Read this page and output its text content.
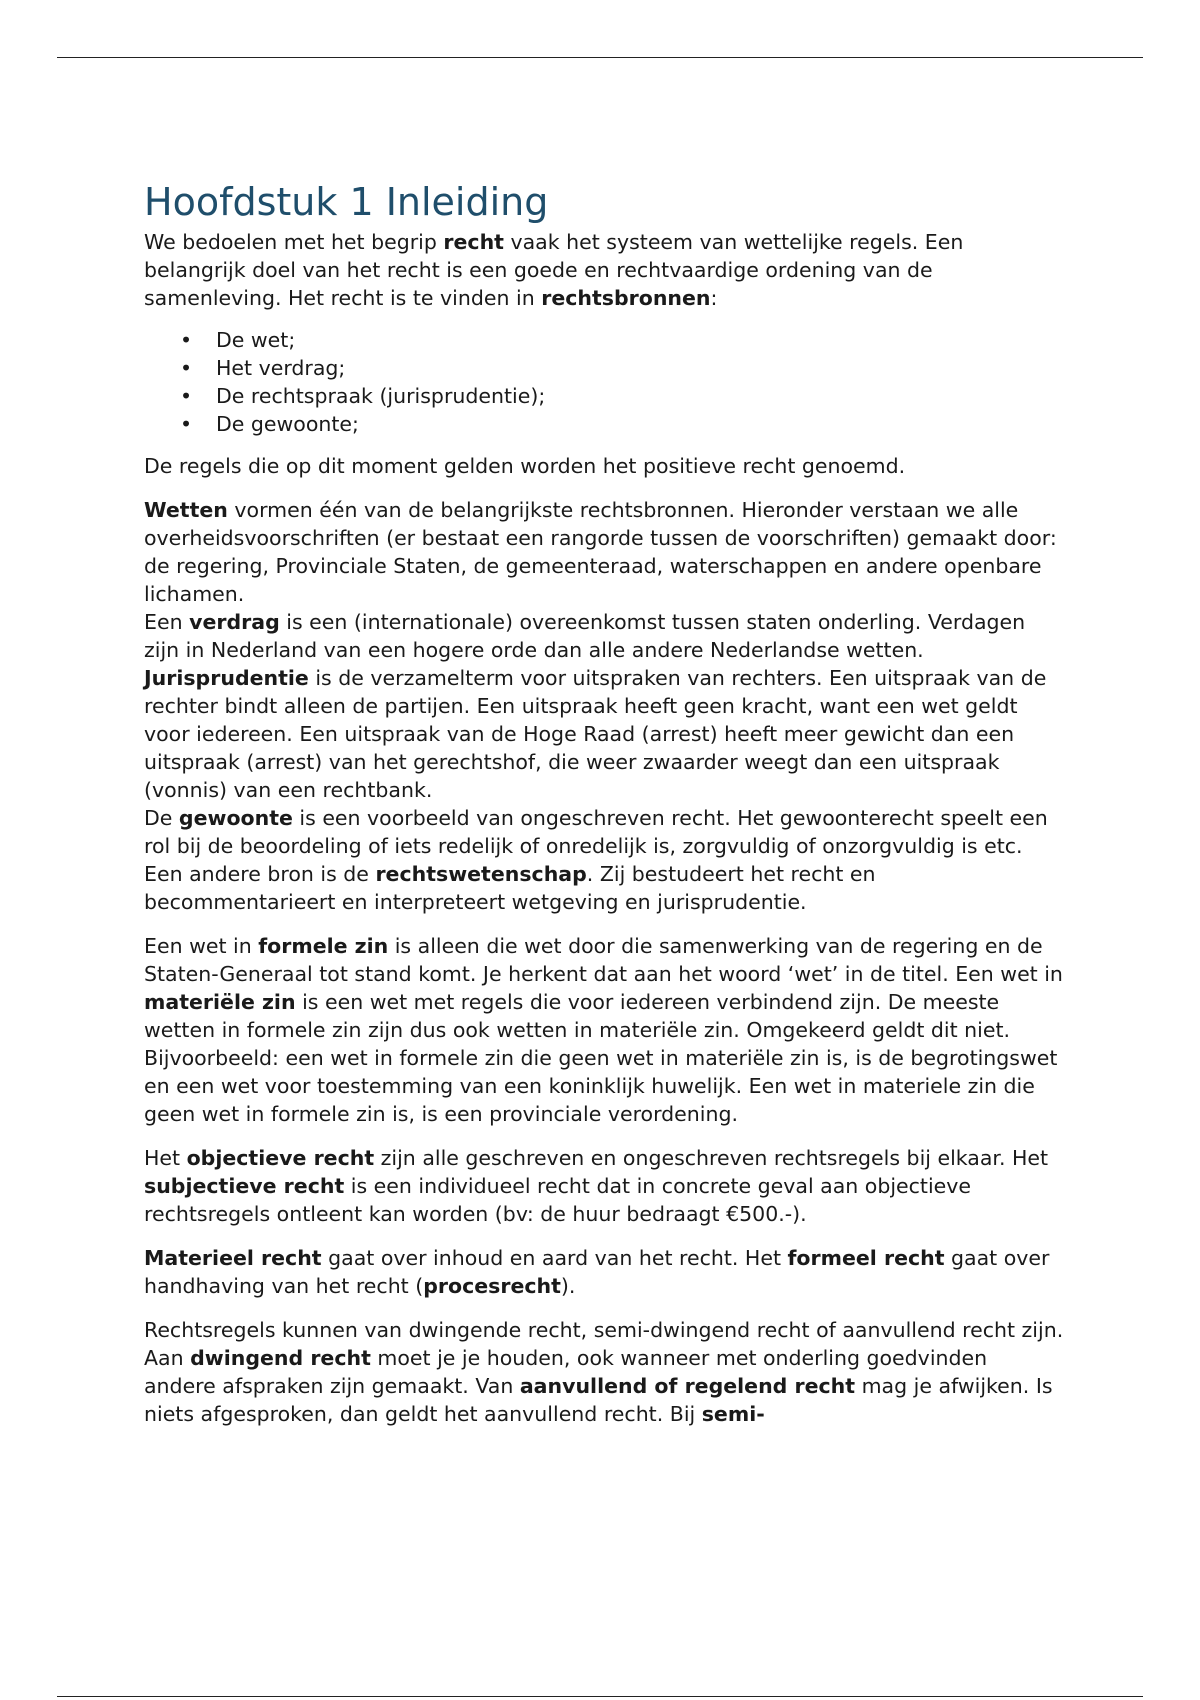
Hoofdstuk 1 Inleiding

We bedoelen met het begrip recht vaak het systeem van wettelijke regels. Een belangrijk doel van het recht is een goede en rechtvaardige ordening van de samenleving. Het recht is te vinden in rechtsbronnen:

• De wet;
• Het verdrag;
• De rechtspraak (jurisprudentie);
• De gewoonte;

De regels die op dit moment gelden worden het positieve recht genoemd.

Wetten vormen één van de belangrijkste rechtsbronnen. Hieronder verstaan we alle overheidsvoorschriften (er bestaat een rangorde tussen de voorschriften) gemaakt door: de regering, Provinciale Staten, de gemeenteraad, waterschappen en andere openbare lichamen.

Een verdrag is een (internationale) overeenkomst tussen staten onderling. Verdagen zijn in Nederland van een hogere orde dan alle andere Nederlandse wetten.

Jurisprudentie is de verzamelterm voor uitspraken van rechters. Een uitspraak van de rechter bindt alleen de partijen. Een uitspraak heeft geen kracht, want een wet geldt voor iedereen. Een uitspraak van de Hoge Raad (arrest) heeft meer gewicht dan een uitspraak (arrest) van het gerechtshof, die weer zwaarder weegt dan een uitspraak (vonnis) van een rechtbank.

De gewoonte is een voorbeeld van ongeschreven recht. Het gewoonterecht speelt een rol bij de beoordeling of iets redelijk of onredelijk is, zorgvuldig of onzorgvuldig is etc.

Een andere bron is de rechtswetenschap. Zij bestudeert het recht en becommentarieert en interpreteert wetgeving en jurisprudentie.

Een wet in formele zin is alleen die wet door die samenwerking van de regering en de Staten-Generaal tot stand komt. Je herkent dat aan het woord ‘wet’ in de titel. Een wet in materiële zin is een wet met regels die voor iedereen verbindend zijn. De meeste wetten in formele zin zijn dus ook wetten in materiële zin. Omgekeerd geldt dit niet. Bijvoorbeeld: een wet in formele zin die geen wet in materiële zin is, is de begrotingswet en een wet voor toestemming van een koninklijk huwelijk. Een wet in materiele zin die geen wet in formele zin is, is een provinciale verordening.

Het objectieve recht zijn alle geschreven en ongeschreven rechtsregels bij elkaar. Het subjectieve recht is een individueel recht dat in concrete geval aan objectieve rechtsregels ontleent kan worden (bv: de huur bedraagt €500.-).

Materieel recht gaat over inhoud en aard van het recht. Het formeel recht gaat over handhaving van het recht (procesrecht).

Rechtsregels kunnen van dwingende recht, semi-dwingend recht of aanvullend recht zijn. Aan dwingend recht moet je je houden, ook wanneer met onderling goedvinden andere afspraken zijn gemaakt. Van aanvullend of regelend recht mag je afwijken. Is niets afgesproken, dan geldt het aanvullend recht. Bij semi-
